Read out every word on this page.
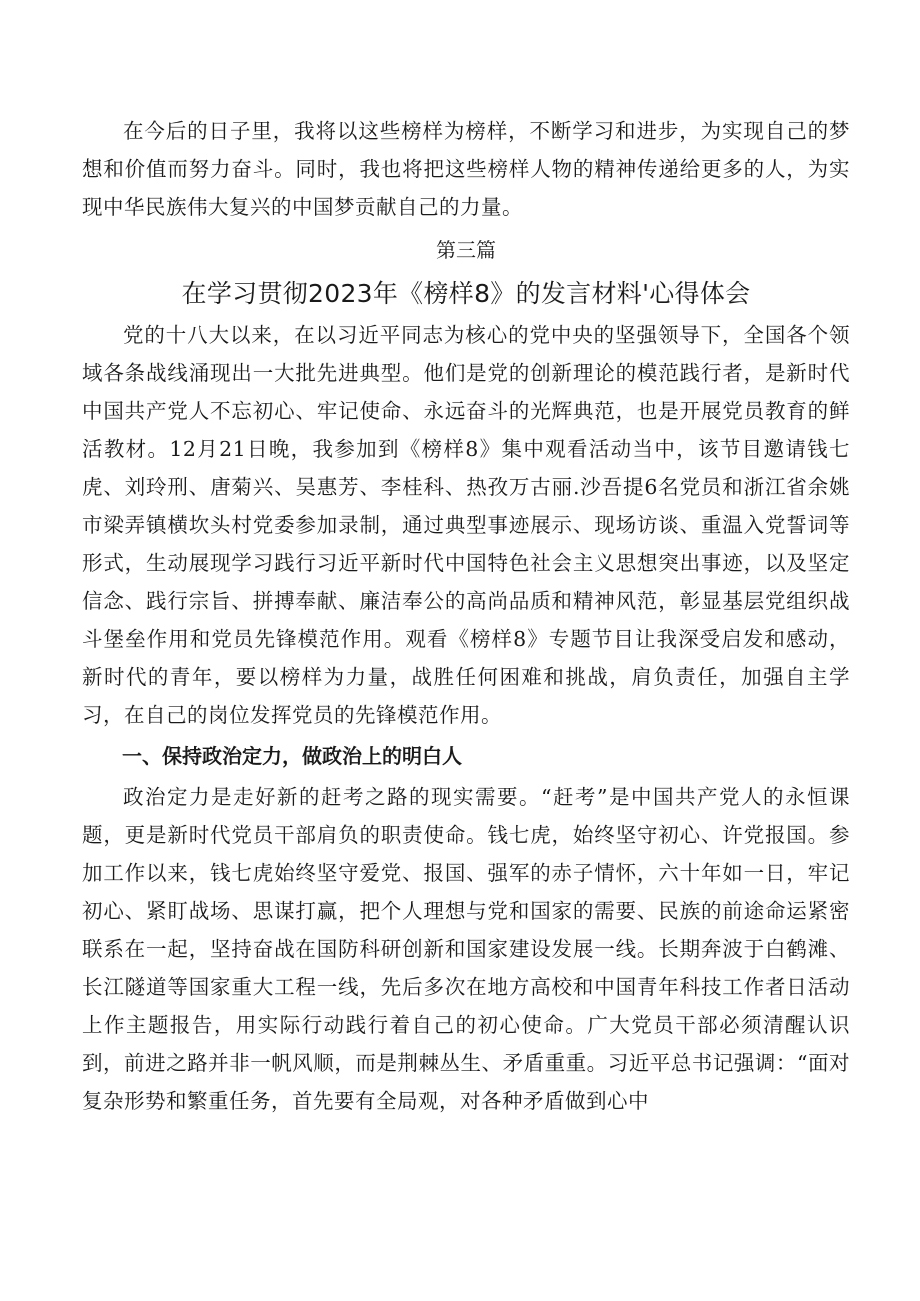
在今后的日子里，我将以这些榜样为榜样，不断学习和进步，为实现自己的梦想和价值而努力奋斗。同时，我也将把这些榜样人物的精神传递给更多的人，为实现中华民族伟大复兴的中国梦贡献自己的力量。

第三篇
在学习贯彻2023年《榜样8》的发言材料'心得体会

党的十八大以来，在以习近平同志为核心的党中央的坚强领导下，全国各个领域各条战线涌现出一大批先进典型。他们是党的创新理论的模范践行者，是新时代中国共产党人不忘初心、牢记使命、永远奋斗的光辉典范，也是开展党员教育的鲜活教材。12月21日晚，我参加到《榜样8》集中观看活动当中，该节目邀请钱七虎、刘玲刑、唐菊兴、吴惠芳、李桂科、热孜万古丽.沙吾提6名党员和浙江省余姚市梁弄镇横坎头村党委参加录制，通过典型事迹展示、现场访谈、重温入党誓词等形式，生动展现学习践行习近平新时代中国特色社会主义思想突出事迹，以及坚定信念、践行宗旨、拼搏奉献、廉洁奉公的高尚品质和精神风范，彰显基层党组织战斗堡垒作用和党员先锋模范作用。观看《榜样8》专题节目让我深受启发和感动，新时代的青年，要以榜样为力量，战胜任何困难和挑战，肩负责任，加强自主学习，在自己的岗位发挥党员的先锋模范作用。

一、保持政治定力，做政治上的明白人

政治定力是走好新的赶考之路的现实需要。“赶考”是中国共产党人的永恒课题，更是新时代党员干部肩负的职责使命。钱七虎，始终坚守初心、许党报国。参加工作以来，钱七虎始终坚守爱党、报国、强军的赤子情怀，六十年如一日，牢记初心、紧盯战场、思谋打赢，把个人理想与党和国家的需要、民族的前途命运紧密联系在一起，坚持奋战在国防科研创新和国家建设发展一线。长期奔波于白鹤滩、长江隧道等国家重大工程一线，先后多次在地方高校和中国青年科技工作者日活动上作主题报告，用实际行动践行着自己的初心使命。广大党员干部必须清醒认识到，前进之路并非一帆风顺，而是荆棘丛生、矛盾重重。习近平总书记强调：“面对复杂形势和繁重任务，首先要有全局观，对各种矛盾做到心中
